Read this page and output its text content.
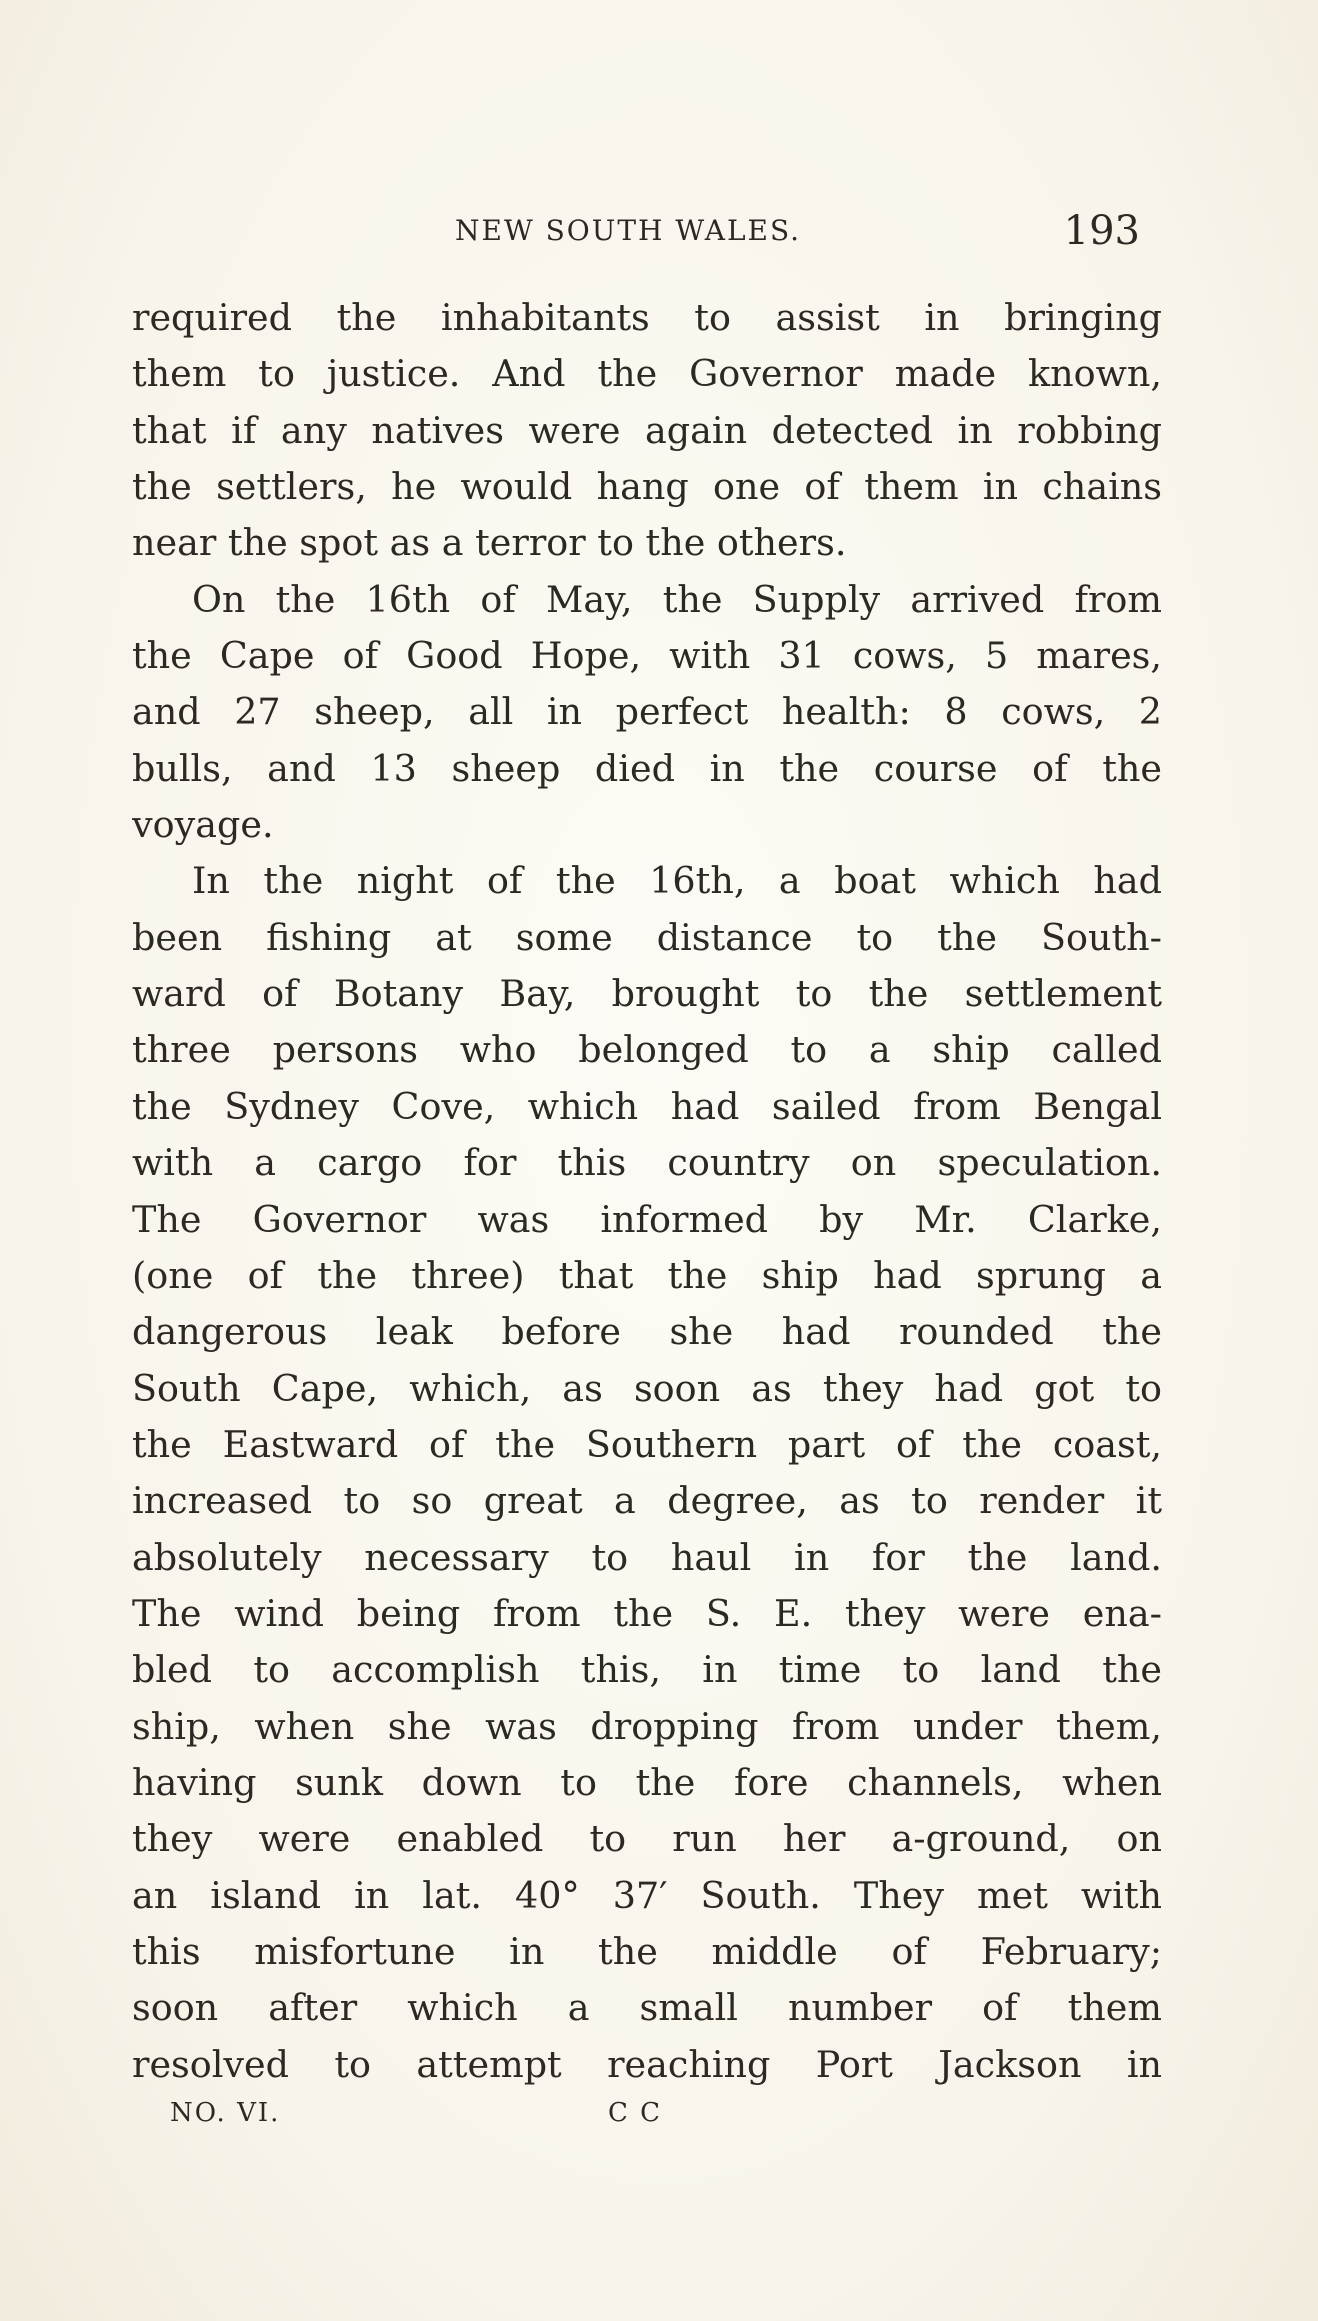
NEW SOUTH WALES.	193
required the inhabitants to assist in bringing
them to justice. And the Governor made known,
that if any natives were again detected in robbing
the settlers, he would hang one of them in chains
near the spot as a terror to the others.
On the 16th of May, the Supply arrived from
the Cape of Good Hope, with 31 cows, 5 mares,
and 27 sheep, all in perfect health: 8 cows, 2
bulls, and 13 sheep died in the course of the
voyage.
In the night of the 16th, a boat which had
been fishing at some distance to the South-
ward of Botany Bay, brought to the settlement
three persons who belonged to a ship called
the Sydney Cove, which had sailed from Bengal
with a cargo for this country on speculation.
The Governor was informed by Mr. Clarke,
(one of the three) that the ship had sprung a
dangerous leak before she had rounded the
South Cape, which, as soon as they had got to
the Eastward of the Southern part of the coast,
increased to so great a degree, as to render it
absolutely necessary to haul in for the land.
The wind being from the S. E. they were ena-
bled to accomplish this, in time to land the
ship, when she was dropping from under them,
having sunk down to the fore channels, when
they were enabled to run her a-ground, on
an island in lat. 40° 37′ South. They met with
this misfortune in the middle of February;
soon after which a small number of them
resolved to attempt reaching Port Jackson in
NO. VI.	C C
